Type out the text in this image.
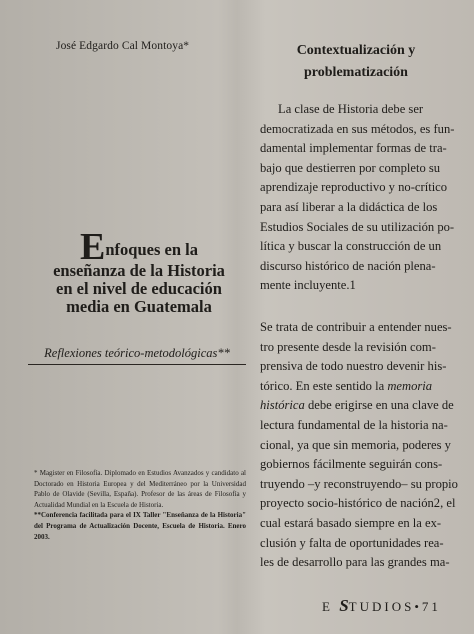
José Edgardo Cal Montoya*
Enfoques en la
enseñanza de la Historia
en el nivel de educación
media en Guatemala
Reflexiones teórico-metodológicas**

* Magister en Filosofía. Diplomado en Estudios Avanzados y candidato al Doctorado en Historia Europea y del Mediterráneo por la Universidad Pablo de Olavide (Sevilla, España). Profesor de las áreas de Filosofía y Actualidad Mundial en la Escuela de Historia.

**Conferencia facilitada para el IX Taller "Enseñanza de la Historia" del Programa de Actualización Docente, Escuela de Historia. Enero 2003.

Contextualización y
problematización
La clase de Historia debe ser
democratizada en sus métodos, es fun-
damental implementar formas de tra-
bajo que destierren por completo su
aprendizaje reproductivo y no-crítico
para así liberar a la didáctica de los
Estudios Sociales de su utilización po-
lítica y buscar la construcción de un
discurso histórico de nación plena-
mente incluyente.1
Se trata de contribuir a entender nues-
tro presente desde la revisión com-
prensiva de todo nuestro devenir his-
tórico. En este sentido la memoria
histórica debe erigirse en una clave de
lectura fundamental de la historia na-
cional, ya que sin memoria, poderes y
gobiernos fácilmente seguirán cons-
truyendo –y reconstruyendo– su propio
proyecto socio-histórico de nación2, el
cual estará basado siempre en la ex-
clusión y falta de oportunidades rea-
les de desarrollo para las grandes ma-
E STUDIOS•71
